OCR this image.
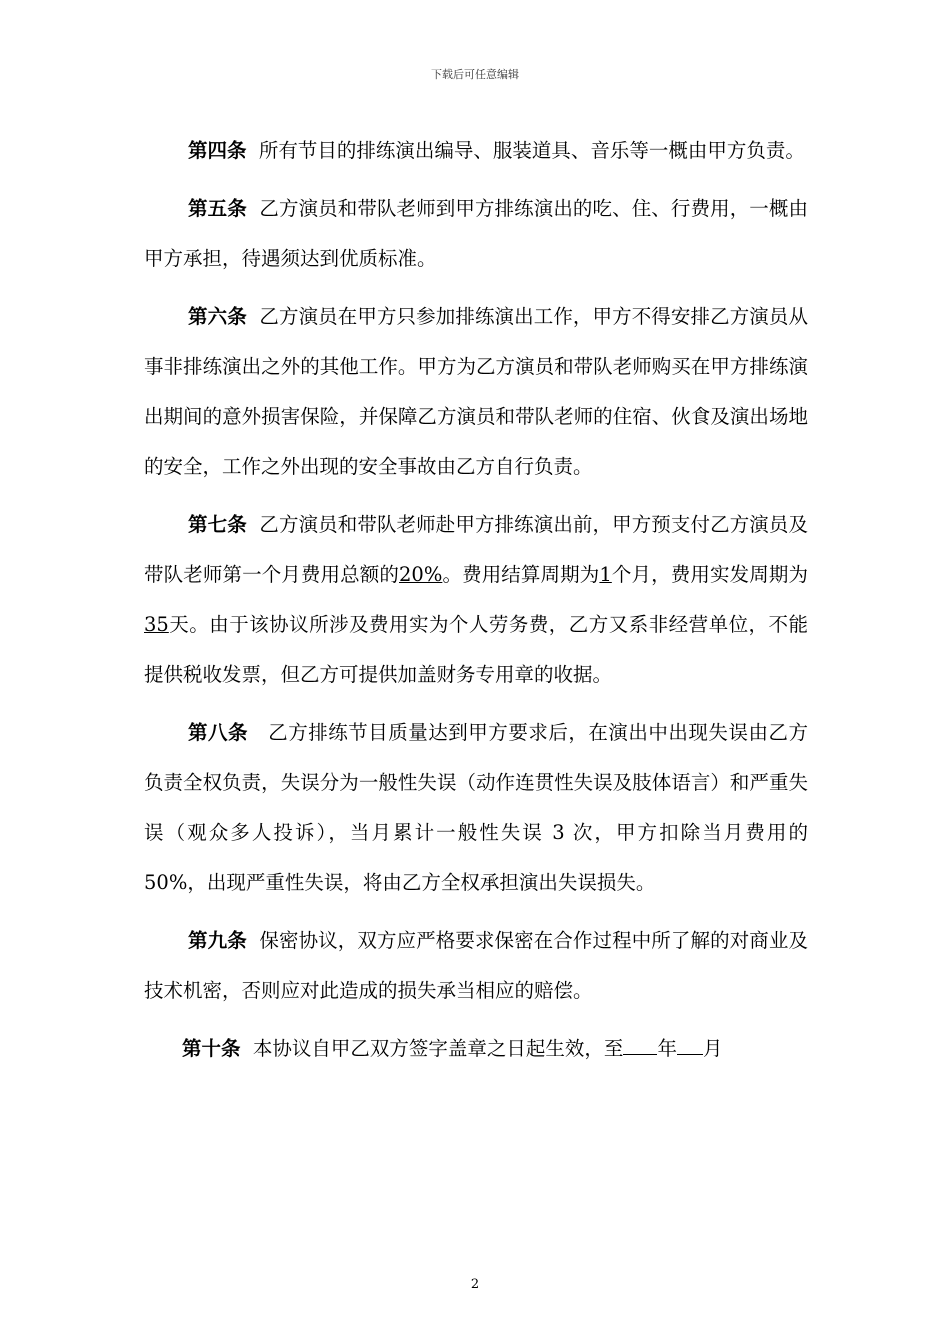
下载后可任意编辑

第四条 所有节目的排练演出编导、服装道具、音乐等一概由甲方负责。

第五条 乙方演员和带队老师到甲方排练演出的吃、住、行费用，一概由甲方承担，待遇须达到优质标准。

第六条 乙方演员在甲方只参加排练演出工作，甲方不得安排乙方演员从事非排练演出之外的其他工作。甲方为乙方演员和带队老师购买在甲方排练演出期间的意外损害保险，并保障乙方演员和带队老师的住宿、伙食及演出场地的安全，工作之外出现的安全事故由乙方自行负责。

第七条 乙方演员和带队老师赴甲方排练演出前，甲方预支付乙方演员及带队老师第一个月费用总额的20%。费用结算周期为1个月，费用实发周期为35天。由于该协议所涉及费用实为个人劳务费，乙方又系非经营单位，不能提供税收发票，但乙方可提供加盖财务专用章的收据。

第八条 乙方排练节目质量达到甲方要求后，在演出中出现失误由乙方负责全权负责，失误分为一般性失误（动作连贯性失误及肢体语言）和严重失误（观众多人投诉），当月累计一般性失误 3 次，甲方扣除当月费用的 50%，出现严重性失误，将由乙方全权承担演出失误损失。

第九条 保密协议，双方应严格要求保密在合作过程中所了解的对商业及技术机密，否则应对此造成的损失承当相应的赔偿。

第十条 本协议自甲乙双方签字盖章之日起生效，至 年 月

2
